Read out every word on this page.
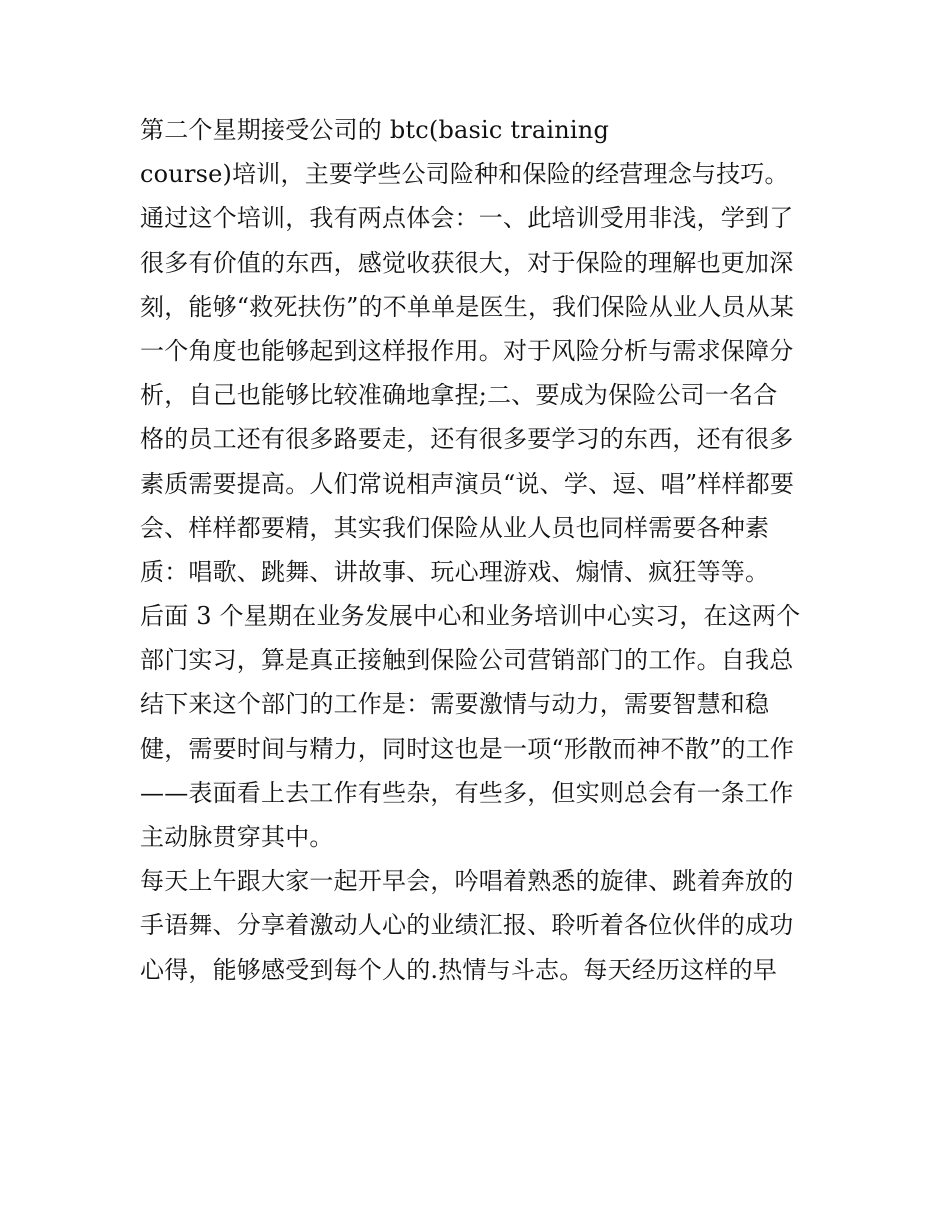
第二个星期接受公司的 btc(basic training
course)培训，主要学些公司险种和保险的经营理念与技巧。
通过这个培训，我有两点体会：一、此培训受用非浅，学到了
很多有价值的东西，感觉收获很大，对于保险的理解也更加深
刻，能够“救死扶伤”的不单单是医生，我们保险从业人员从某
一个角度也能够起到这样报作用。对于风险分析与需求保障分
析，自己也能够比较准确地拿捏;二、要成为保险公司一名合
格的员工还有很多路要走，还有很多要学习的东西，还有很多
素质需要提高。人们常说相声演员“说、学、逗、唱”样样都要
会、样样都要精，其实我们保险从业人员也同样需要各种素
质：唱歌、跳舞、讲故事、玩心理游戏、煽情、疯狂等等。
后面 3 个星期在业务发展中心和业务培训中心实习，在这两个
部门实习，算是真正接触到保险公司营销部门的工作。自我总
结下来这个部门的工作是：需要激情与动力，需要智慧和稳
健，需要时间与精力，同时这也是一项“形散而神不散”的工作
——表面看上去工作有些杂，有些多，但实则总会有一条工作
主动脉贯穿其中。
每天上午跟大家一起开早会，吟唱着熟悉的旋律、跳着奔放的
手语舞、分享着激动人心的业绩汇报、聆听着各位伙伴的成功
心得，能够感受到每个人的.热情与斗志。每天经历这样的早
